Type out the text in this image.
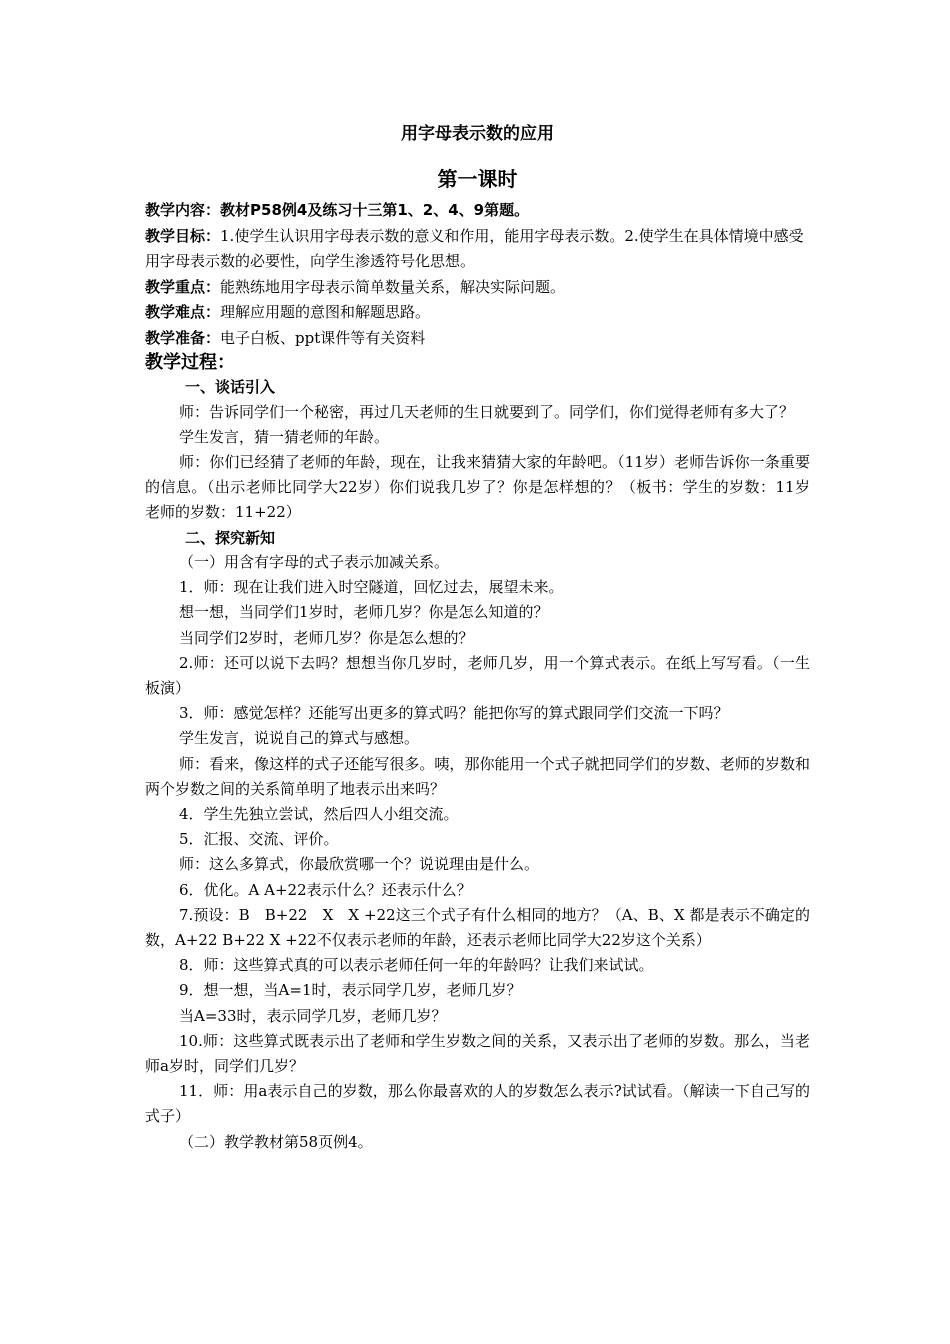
用字母表示数的应用
第一课时

教学内容：教材P58例4及练习十三第1、2、4、9第题。

教学目标：1.使学生认识用字母表示数的意义和作用，能用字母表示数。2.使学生在具体情境中感受用字母表示数的必要性，向学生渗透符号化思想。

教学重点：能熟练地用字母表示简单数量关系，解决实际问题。

教学难点：理解应用题的意图和解题思路。

教学准备：电子白板、ppt课件等有关资料

教学过程：

一、谈话引入

师：告诉同学们一个秘密，再过几天老师的生日就要到了。同学们，你们觉得老师有多大了？

学生发言，猜一猜老师的年龄。

师：你们已经猜了老师的年龄，现在，让我来猜猜大家的年龄吧。（11岁）老师告诉你一条重要的信息。（出示老师比同学大22岁）你们说我几岁了？你是怎样想的？（板书：学生的岁数：11岁　老师的岁数：11+22）

二、探究新知

（一）用含有字母的式子表示加减关系。

1．师：现在让我们进入时空隧道，回忆过去，展望未来。

想一想，当同学们1岁时，老师几岁？你是怎么知道的？

当同学们2岁时，老师几岁？你是怎么想的？

2.师：还可以说下去吗？想想当你几岁时，老师几岁，用一个算式表示。在纸上写写看。（一生板演）

3．师：感觉怎样？还能写出更多的算式吗？能把你写的算式跟同学们交流一下吗？

学生发言，说说自己的算式与感想。

师：看来，像这样的式子还能写很多。咦，那你能用一个式子就把同学们的岁数、老师的岁数和两个岁数之间的关系简单明了地表示出来吗？

4．学生先独立尝试，然后四人小组交流。

5．汇报、交流、评价。

师：这么多算式，你最欣赏哪一个？说说理由是什么。

6．优化。A A+22表示什么？还表示什么？

7.预设：B　B+22　X　X +22这三个式子有什么相同的地方？（A、B、X 都是表示不确定的数，A+22 B+22 X +22不仅表示老师的年龄，还表示老师比同学大22岁这个关系）

8．师：这些算式真的可以表示老师任何一年的年龄吗？让我们来试试。

9．想一想，当A=1时，表示同学几岁，老师几岁？

当A=33时，表示同学几岁，老师几岁？

10.师：这些算式既表示出了老师和学生岁数之间的关系，又表示出了老师的岁数。那么，当老师a岁时，同学们几岁？

11．师：用a表示自己的岁数，那么你最喜欢的人的岁数怎么表示?试试看。（解读一下自己写的式子）

（二）教学教材第58页例4。
